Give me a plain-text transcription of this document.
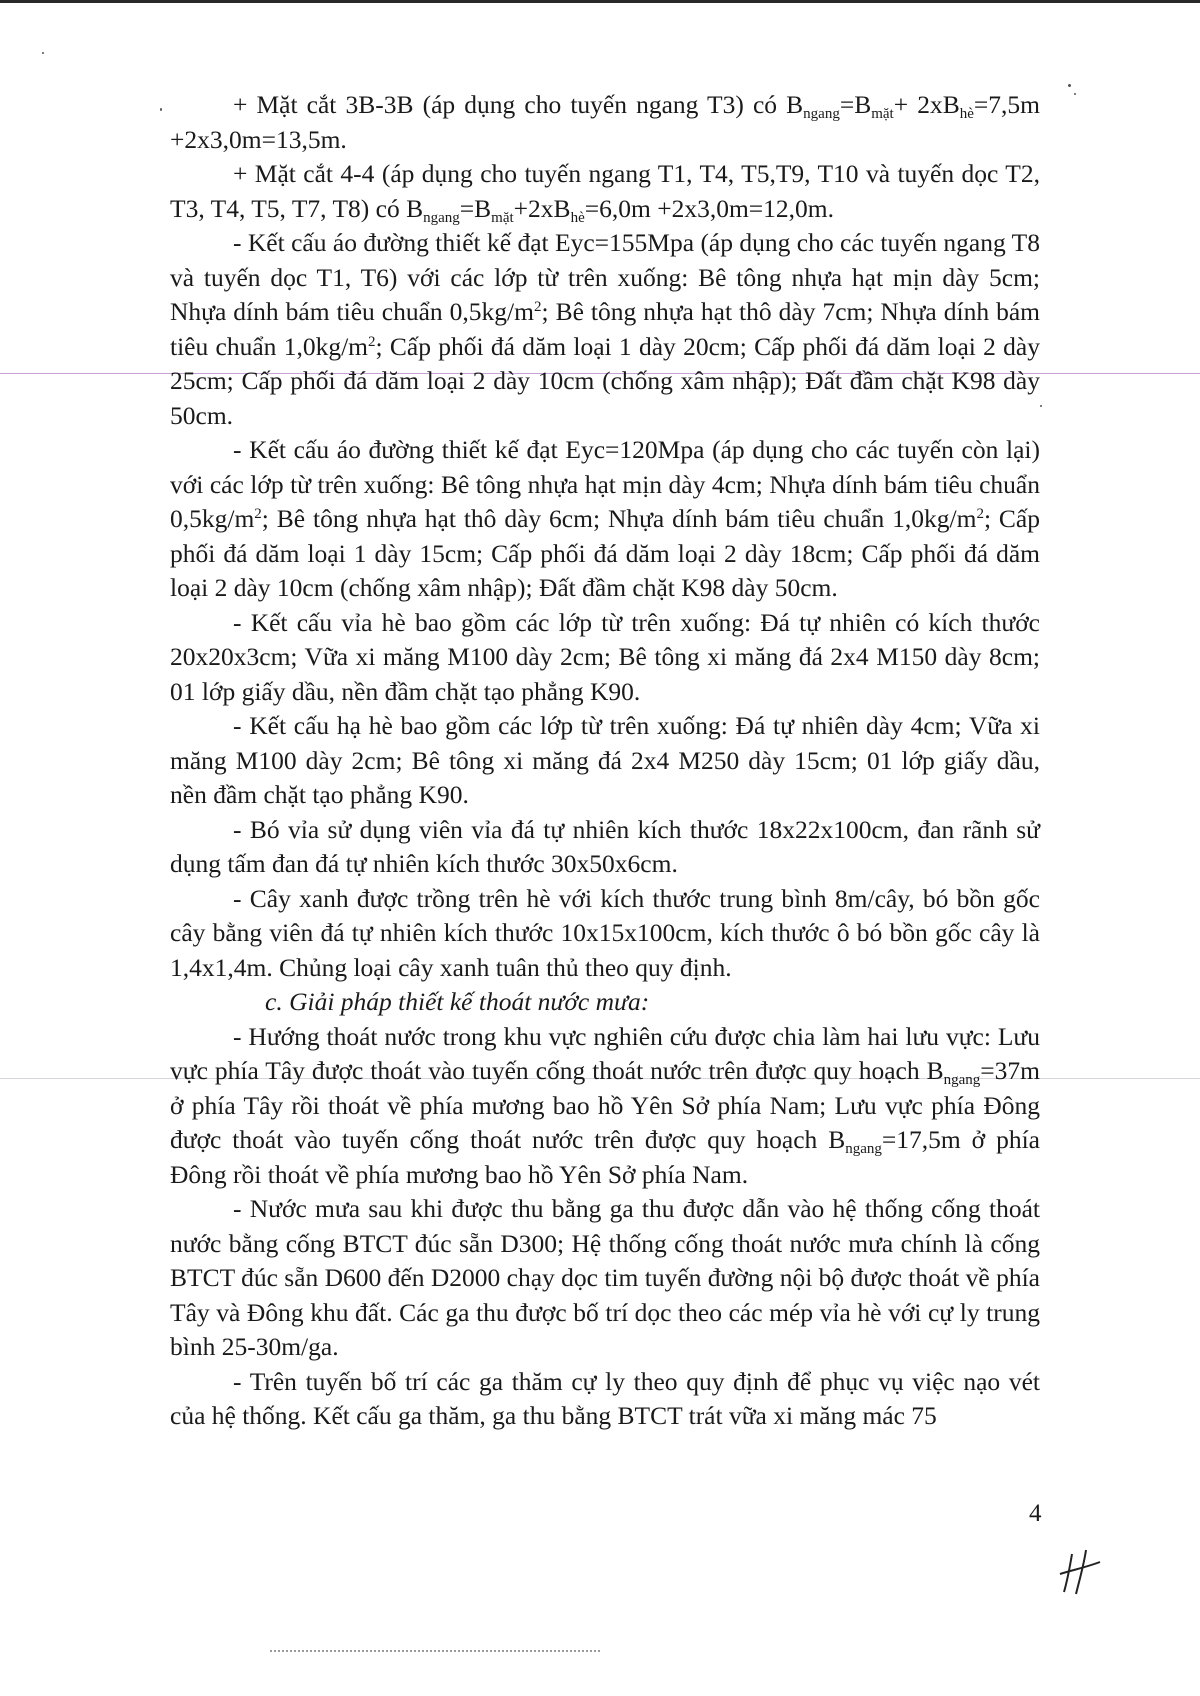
+ Mặt cắt 3B-3B (áp dụng cho tuyến ngang T3) có $B_{ngang}=B_{mặt}+ 2xB_{hè}=7,5m +2x3,0m=13,5m$.

+ Mặt cắt 4-4 (áp dụng cho tuyến ngang T1, T4, T5,T9, T10 và tuyến dọc T2, T3, T4, T5, T7, T8) có $B_{ngang}=B_{mặt}+2xB_{hè}=6,0m +2x3,0m=12,0m$.

- Kết cấu áo đường thiết kế đạt Eyc=155Mpa (áp dụng cho các tuyến ngang T8 và tuyến dọc T1, T6) với các lớp từ trên xuống: Bê tông nhựa hạt mịn dày 5cm; Nhựa dính bám tiêu chuẩn $0,5kg/m^2$; Bê tông nhựa hạt thô dày 7cm; Nhựa dính bám tiêu chuẩn $1,0kg/m^2$; Cấp phối đá dăm loại 1 dày 20cm; Cấp phối đá dăm loại 2 dày 25cm; Cấp phối đá dăm loại 2 dày 10cm (chống xâm nhập); Đất đầm chặt K98 dày 50cm.

- Kết cấu áo đường thiết kế đạt Eyc=120Mpa (áp dụng cho các tuyến còn lại) với các lớp từ trên xuống: Bê tông nhựa hạt mịn dày 4cm; Nhựa dính bám tiêu chuẩn $0,5kg/m^2$; Bê tông nhựa hạt thô dày 6cm; Nhựa dính bám tiêu chuẩn $1,0kg/m^2$; Cấp phối đá dăm loại 1 dày 15cm; Cấp phối đá dăm loại 2 dày 18cm; Cấp phối đá dăm loại 2 dày 10cm (chống xâm nhập); Đất đầm chặt K98 dày 50cm.

- Kết cấu vỉa hè bao gồm các lớp từ trên xuống: Đá tự nhiên có kích thước 20x20x3cm; Vữa xi măng M100 dày 2cm; Bê tông xi măng đá 2x4 M150 dày 8cm; 01 lớp giấy dầu, nền đầm chặt tạo phẳng K90.

- Kết cấu hạ hè bao gồm các lớp từ trên xuống: Đá tự nhiên dày 4cm; Vữa xi măng M100 dày 2cm; Bê tông xi măng đá 2x4 M250 dày 15cm; 01 lớp giấy dầu, nền đầm chặt tạo phẳng K90.

- Bó vỉa sử dụng viên vỉa đá tự nhiên kích thước 18x22x100cm, đan rãnh sử dụng tấm đan đá tự nhiên kích thước 30x50x6cm.

- Cây xanh được trồng trên hè với kích thước trung bình 8m/cây, bó bồn gốc cây bằng viên đá tự nhiên kích thước 10x15x100cm, kích thước ô bó bồn gốc cây là 1,4x1,4m. Chủng loại cây xanh tuân thủ theo quy định.

c. Giải pháp thiết kế thoát nước mưa:

- Hướng thoát nước trong khu vực nghiên cứu được chia làm hai lưu vực: Lưu vực phía Tây được thoát vào tuyến cống thoát nước trên được quy hoạch $B_{ngang}=37m$ ở phía Tây rồi thoát về phía mương bao hồ Yên Sở phía Nam; Lưu vực phía Đông được thoát vào tuyến cống thoát nước trên được quy hoạch $B_{ngang}=17,5m$ ở phía Đông rồi thoát về phía mương bao hồ Yên Sở phía Nam.

- Nước mưa sau khi được thu bằng ga thu được dẫn vào hệ thống cống thoát nước bằng cống BTCT đúc sẵn D300; Hệ thống cống thoát nước mưa chính là cống BTCT đúc sẵn D600 đến D2000 chạy dọc tim tuyến đường nội bộ được thoát về phía Tây và Đông khu đất. Các ga thu được bố trí dọc theo các mép vỉa hè với cự ly trung bình 25-30m/ga.

- Trên tuyến bố trí các ga thăm cự ly theo quy định để phục vụ việc nạo vét của hệ thống. Kết cấu ga thăm, ga thu bằng BTCT trát vữa xi măng mác 75

4
